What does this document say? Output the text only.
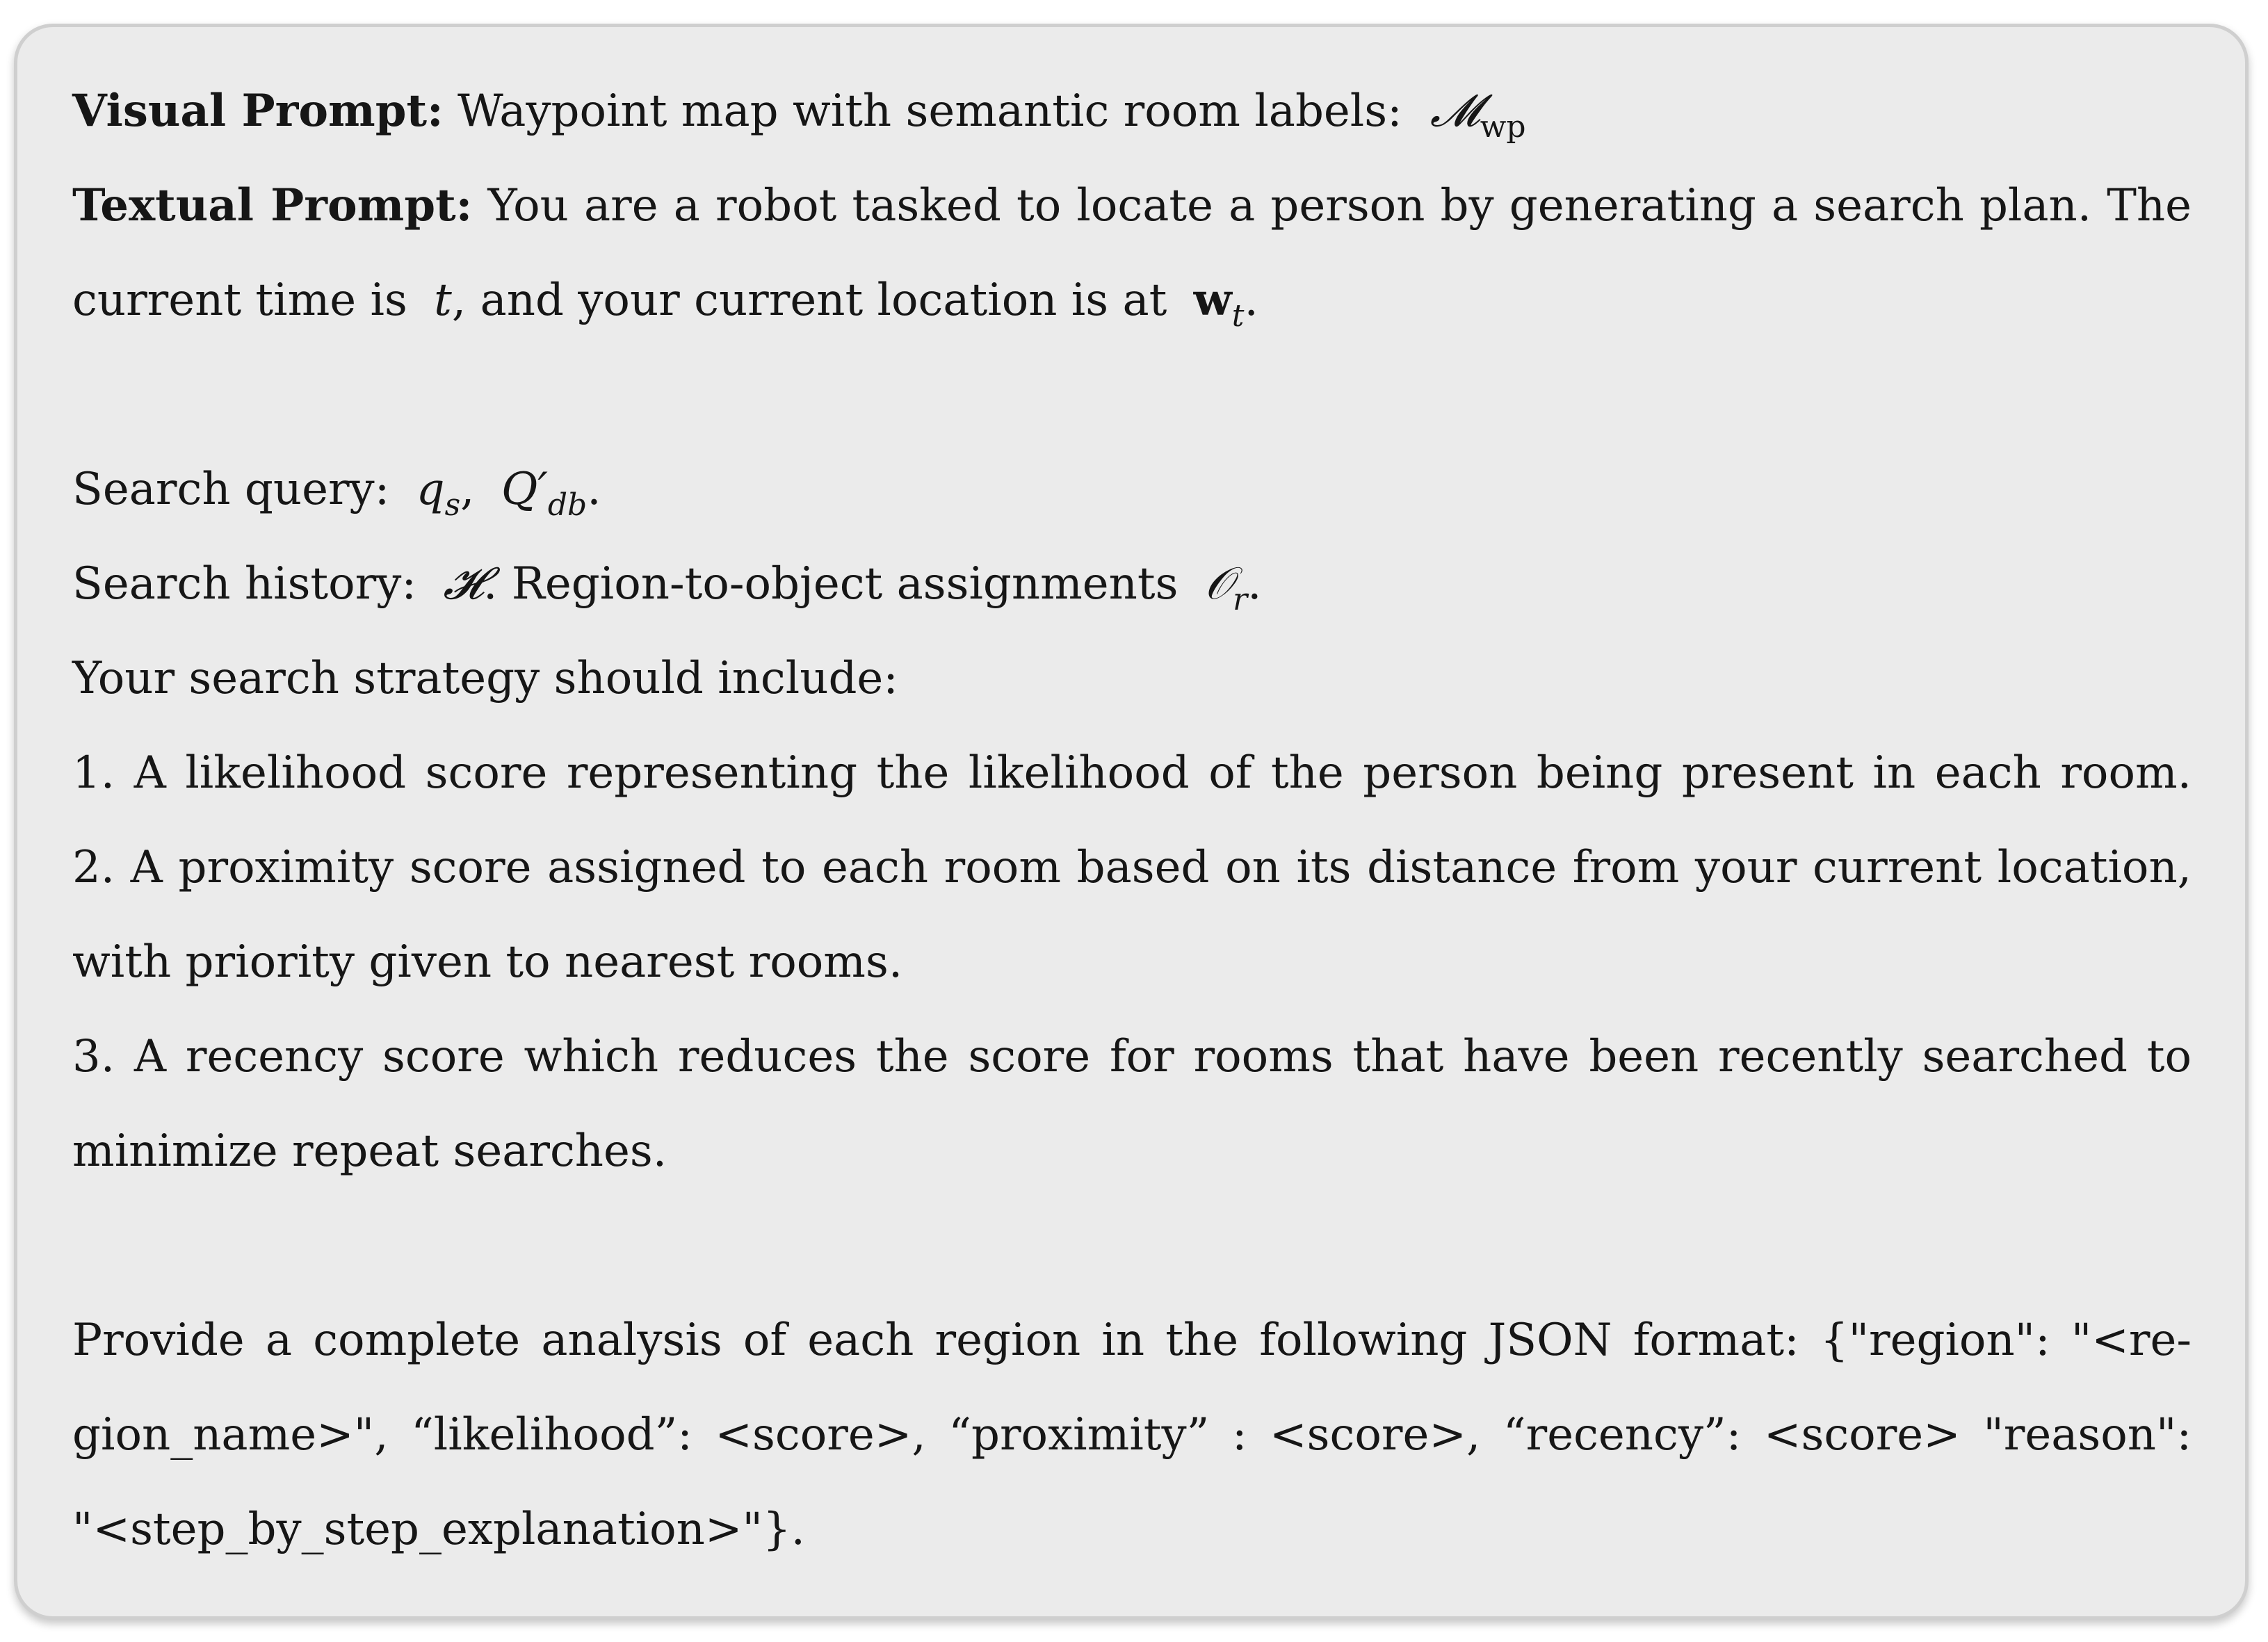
Visual Prompt: Waypoint map with semantic room labels: 𝓜$_{wp}$
Textual Prompt: You are a robot tasked to locate a person by generating a search plan. The
current time is t, and your current location is at $w_t$.
Search query: $q_s$, $Q'_{db}$.
Search history: 𝓗. Region-to-object assignments 𝒪$_r$.
Your search strategy should include:
1. A likelihood score representing the likelihood of the person being present in each room.
2. A proximity score assigned to each room based on its distance from your current location,
with priority given to nearest rooms.
3. A recency score which reduces the score for rooms that have been recently searched to
minimize repeat searches.
Provide a complete analysis of each region in the following JSON format: {"region": "<re-
gion_name>", “likelihood”: <score>, “proximity” : <score>, “recency”: <score> "reason":
"<step_by_step_explanation>"}.
